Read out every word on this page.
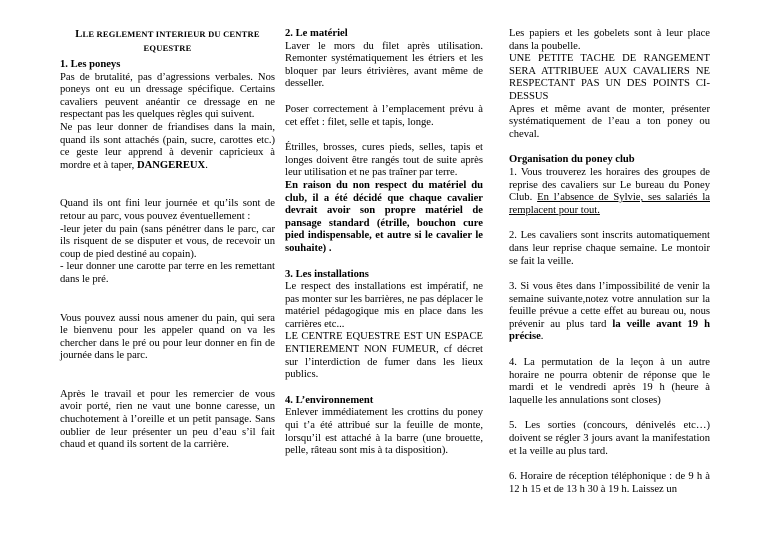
LLE REGLEMENT INTERIEUR DU CENTRE
EQUESTRE
1. Les poneys

Pas de brutalité, pas d’agressions verbales. Nos poneys ont eu un dressage spécifique. Certains cavaliers peuvent anéantir ce dressage en ne respectant pas les quelques règles qui suivent.

Ne pas leur donner de friandises dans la main, quand ils sont attachés (pain, sucre, carottes etc.) ce geste leur apprend à devenir capricieux à mordre et à taper, DANGEREUX.

Quand ils ont fini leur journée et qu’ils sont de retour au parc, vous pouvez éventuellement :

-leur jeter du pain (sans pénétrer dans le parc, car ils risquent de se disputer et vous, de recevoir un coup de pied destiné au copain).

- leur donner une carotte par terre en les remettant dans le pré.

Vous pouvez aussi nous amener du pain, qui sera le bienvenu pour les appeler quand on va les chercher dans le pré ou pour leur donner en fin de journée dans le parc.

Après le travail et pour les remercier de vous avoir porté, rien ne vaut une bonne caresse, un chuchotement à l’oreille et un petit pansage. Sans oublier de leur présenter un peu d’eau s’il fait chaud et quand ils sortent de la carrière.

2. Le matériel

Laver le mors du filet après utilisation. Remonter systématiquement les étriers et les bloquer par leurs étrivières, avant même de desseller.

Poser correctement à l’emplacement prévu à cet effet : filet, selle et tapis, longe.

Étrilles, brosses, cures pieds, selles, tapis et longes doivent être rangés tout de suite après leur utilisation et ne pas traîner par terre.

En raison du non respect du matériel du club, il a été décidé que chaque cavalier devrait avoir son propre matériel de pansage standard (étrille, bouchon cure pied indispensable, et autre si le cavalier le souhaite) .

3. Les installations

Le respect des installations est impératif, ne pas monter sur les barrières, ne pas déplacer le matériel pédagogique mis en place dans les carrières etc...

LE CENTRE EQUESTRE EST UN ESPACE ENTIEREMENT NON FUMEUR, cf décret sur l’interdiction de fumer dans les lieux publics.

4. L’environnement

Enlever immédiatement les crottins du poney qui t’a été attribué sur la feuille de monte, lorsqu’il est attaché à la barre (une brouette, pelle, râteau sont mis à ta disposition).

Les papiers et les gobelets sont à leur place dans la poubelle.

UNE PETITE TACHE DE RANGEMENT SERA ATTRIBUEE AUX CAVALIERS NE RESPECTANT PAS UN DES POINTS CI-DESSUS

Apres et même avant de monter, présenter systématiquement de l’eau a ton poney ou cheval.

Organisation du poney club

1. Vous trouverez les horaires des groupes de reprise des cavaliers sur Le bureau du Poney Club. En l’absence de Sylvie, ses salariés la remplacent pour tout.

2. Les cavaliers sont inscrits automatiquement dans leur reprise chaque semaine. Le montoir se fait la veille.

3. Si vous êtes dans l’impossibilité de venir la semaine suivante,notez votre annulation sur la feuille prévue a cette effet au bureau ou, nous prévenir au plus tard la veille avant 19 h précise.

4. La permutation de la leçon à un autre horaire ne pourra obtenir de réponse que le mardi et le vendredi après 19 h (heure à laquelle les annulations sont closes)

5. Les sorties (concours, dénivelés etc…) doivent se régler 3 jours avant la manifestation et la veille au plus tard.

6. Horaire de réception téléphonique : de 9 h à 12 h 15 et de 13 h 30 à 19 h. Laissez un
